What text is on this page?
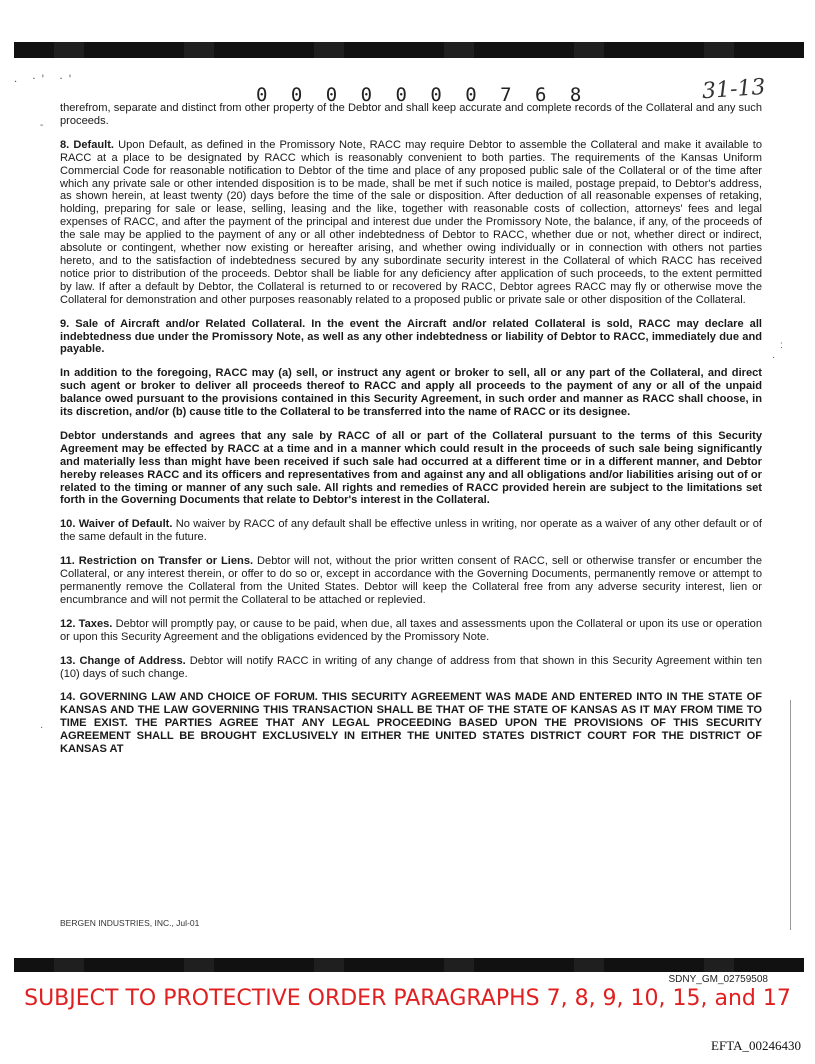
. ·' ·'
0 0 0 0 0 0 0 7 6 8	31-13
-
:
·
·

therefrom, separate and distinct from other property of the Debtor and shall keep accurate and complete records of the Collateral and any such proceeds.

8. Default. Upon Default, as defined in the Promissory Note, RACC may require Debtor to assemble the Collateral and make it available to RACC at a place to be designated by RACC which is reasonably convenient to both parties. The requirements of the Kansas Uniform Commercial Code for reasonable notification to Debtor of the time and place of any proposed public sale of the Collateral or of the time after which any private sale or other intended disposition is to be made, shall be met if such notice is mailed, postage prepaid, to Debtor's address, as shown herein, at least twenty (20) days before the time of the sale or disposition. After deduction of all reasonable expenses of retaking, holding, preparing for sale or lease, selling, leasing and the like, together with reasonable costs of collection, attorneys' fees and legal expenses of RACC, and after the payment of the principal and interest due under the Promissory Note, the balance, if any, of the proceeds of the sale may be applied to the payment of any or all other indebtedness of Debtor to RACC, whether due or not, whether direct or indirect, absolute or contingent, whether now existing or hereafter arising, and whether owing individually or in connection with others not parties hereto, and to the satisfaction of indebtedness secured by any subordinate security interest in the Collateral of which RACC has received notice prior to distribution of the proceeds. Debtor shall be liable for any deficiency after application of such proceeds, to the extent permitted by law. If after a default by Debtor, the Collateral is returned to or recovered by RACC, Debtor agrees RACC may fly or otherwise move the Collateral for demonstration and other purposes reasonably related to a proposed public or private sale or other disposition of the Collateral.

9. Sale of Aircraft and/or Related Collateral. In the event the Aircraft and/or related Collateral is sold, RACC may declare all indebtedness due under the Promissory Note, as well as any other indebtedness or liability of Debtor to RACC, immediately due and payable.

In addition to the foregoing, RACC may (a) sell, or instruct any agent or broker to sell, all or any part of the Collateral, and direct such agent or broker to deliver all proceeds thereof to RACC and apply all proceeds to the payment of any or all of the unpaid balance owed pursuant to the provisions contained in this Security Agreement, in such order and manner as RACC shall choose, in its discretion, and/or (b) cause title to the Collateral to be transferred into the name of RACC or its designee.

Debtor understands and agrees that any sale by RACC of all or part of the Collateral pursuant to the terms of this Security Agreement may be effected by RACC at a time and in a manner which could result in the proceeds of such sale being significantly and materially less than might have been received if such sale had occurred at a different time or in a different manner, and Debtor hereby releases RACC and its officers and representatives from and against any and all obligations and/or liabilities arising out of or related to the timing or manner of any such sale. All rights and remedies of RACC provided herein are subject to the limitations set forth in the Governing Documents that relate to Debtor's interest in the Collateral.

10. Waiver of Default. No waiver by RACC of any default shall be effective unless in writing, nor operate as a waiver of any other default or of the same default in the future.

11. Restriction on Transfer or Liens. Debtor will not, without the prior written consent of RACC, sell or otherwise transfer or encumber the Collateral, or any interest therein, or offer to do so or, except in accordance with the Governing Documents, permanently remove or attempt to permanently remove the Collateral from the United States. Debtor will keep the Collateral free from any adverse security interest, lien or encumbrance and will not permit the Collateral to be attached or replevied.

12. Taxes. Debtor will promptly pay, or cause to be paid, when due, all taxes and assessments upon the Collateral or upon its use or operation or upon this Security Agreement and the obligations evidenced by the Promissory Note.

13. Change of Address. Debtor will notify RACC in writing of any change of address from that shown in this Security Agreement within ten (10) days of such change.

14. GOVERNING LAW AND CHOICE OF FORUM. THIS SECURITY AGREEMENT WAS MADE AND ENTERED INTO IN THE STATE OF KANSAS AND THE LAW GOVERNING THIS TRANSACTION SHALL BE THAT OF THE STATE OF KANSAS AS IT MAY FROM TIME TO TIME EXIST. THE PARTIES AGREE THAT ANY LEGAL PROCEEDING BASED UPON THE PROVISIONS OF THIS SECURITY AGREEMENT SHALL BE BROUGHT EXCLUSIVELY IN EITHER THE UNITED STATES DISTRICT COURT FOR THE DISTRICT OF KANSAS AT

BERGEN INDUSTRIES, INC., Jul-01
SDNY_GM_02759508
SUBJECT TO PROTECTIVE ORDER PARAGRAPHS 7, 8, 9, 10, 15, and 17
EFTA_00246430
